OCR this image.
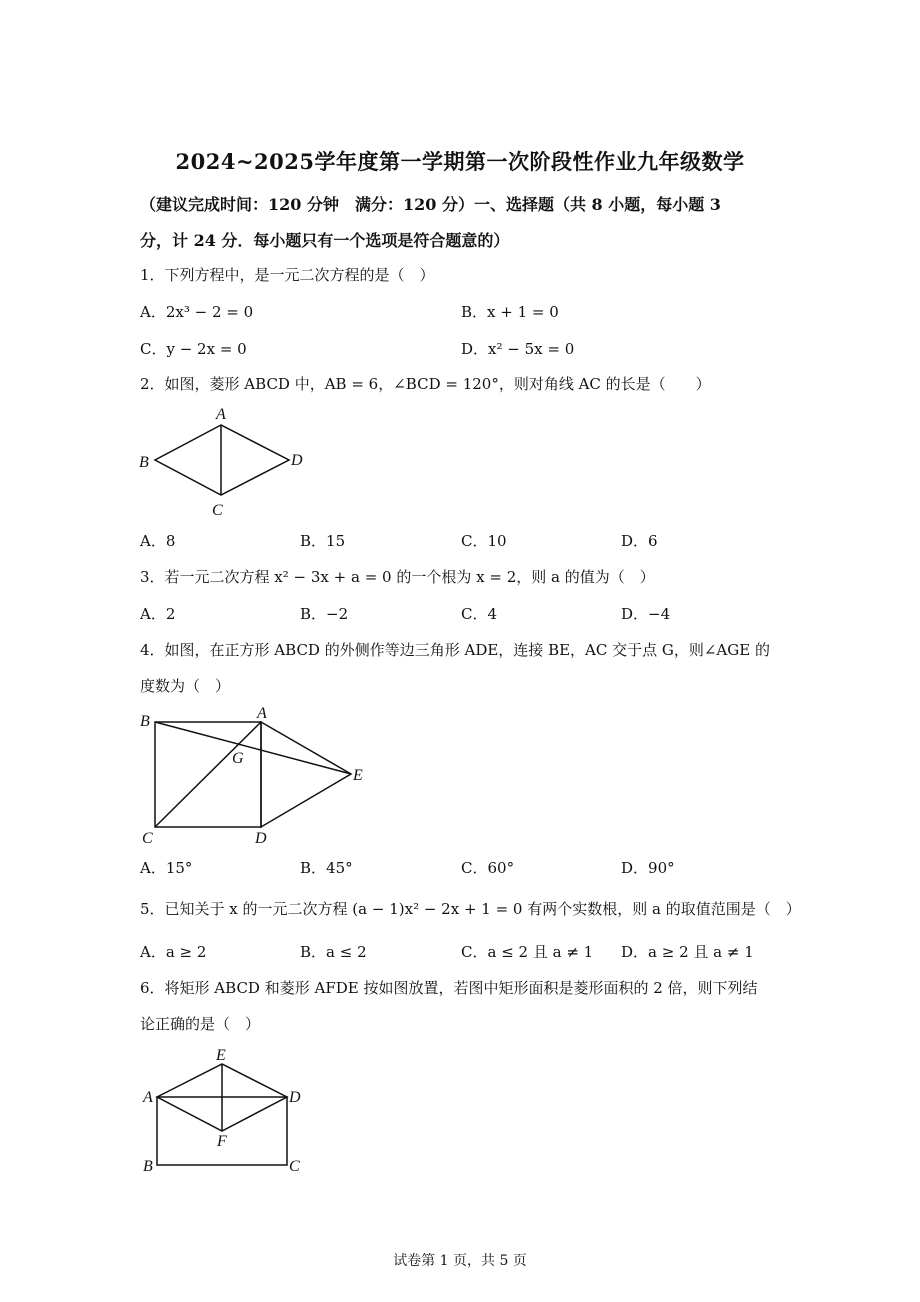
2024~2025学年度第一学期第一次阶段性作业九年级数学
（建议完成时间：120 分钟　满分：120 分）一、选择题（共 8 小题，每小题 3
分，计 24 分．每小题只有一个选项是符合题意的）
1．下列方程中，是一元二次方程的是（　）
A．2x³ − 2 = 0	B．x + 1 = 0
C．y − 2x = 0	D．x² − 5x = 0
2．如图，菱形 ABCD 中，AB = 6，∠BCD = 120°，则对角线 AC 的长是（　　）
A
B
C
D
A．8	B．15	C．10	D．6
3．若一元二次方程 x² − 3x + a = 0 的一个根为 x = 2，则 a 的值为（　）
A．2	B．−2	C．4	D．−4
4．如图，在正方形 ABCD 的外侧作等边三角形 ADE，连接 BE，AC 交于点 G，则∠AGE 的
度数为（　）
B	A
G
E
C	D
A．15°	B．45°	C．60°	D．90°
5．已知关于 x 的一元二次方程 (a − 1)x² − 2x + 1 = 0 有两个实数根，则 a 的取值范围是（　）
A．a ≥ 2	B．a ≤ 2	C．a ≤ 2 且 a ≠ 1 D．a ≥ 2 且 a ≠ 1
6．将矩形 ABCD 和菱形 AFDE 按如图放置，若图中矩形面积是菱形面积的 2 倍，则下列结
论正确的是（　）
E
A	D
F
B	C
试卷第 1 页，共 5 页
